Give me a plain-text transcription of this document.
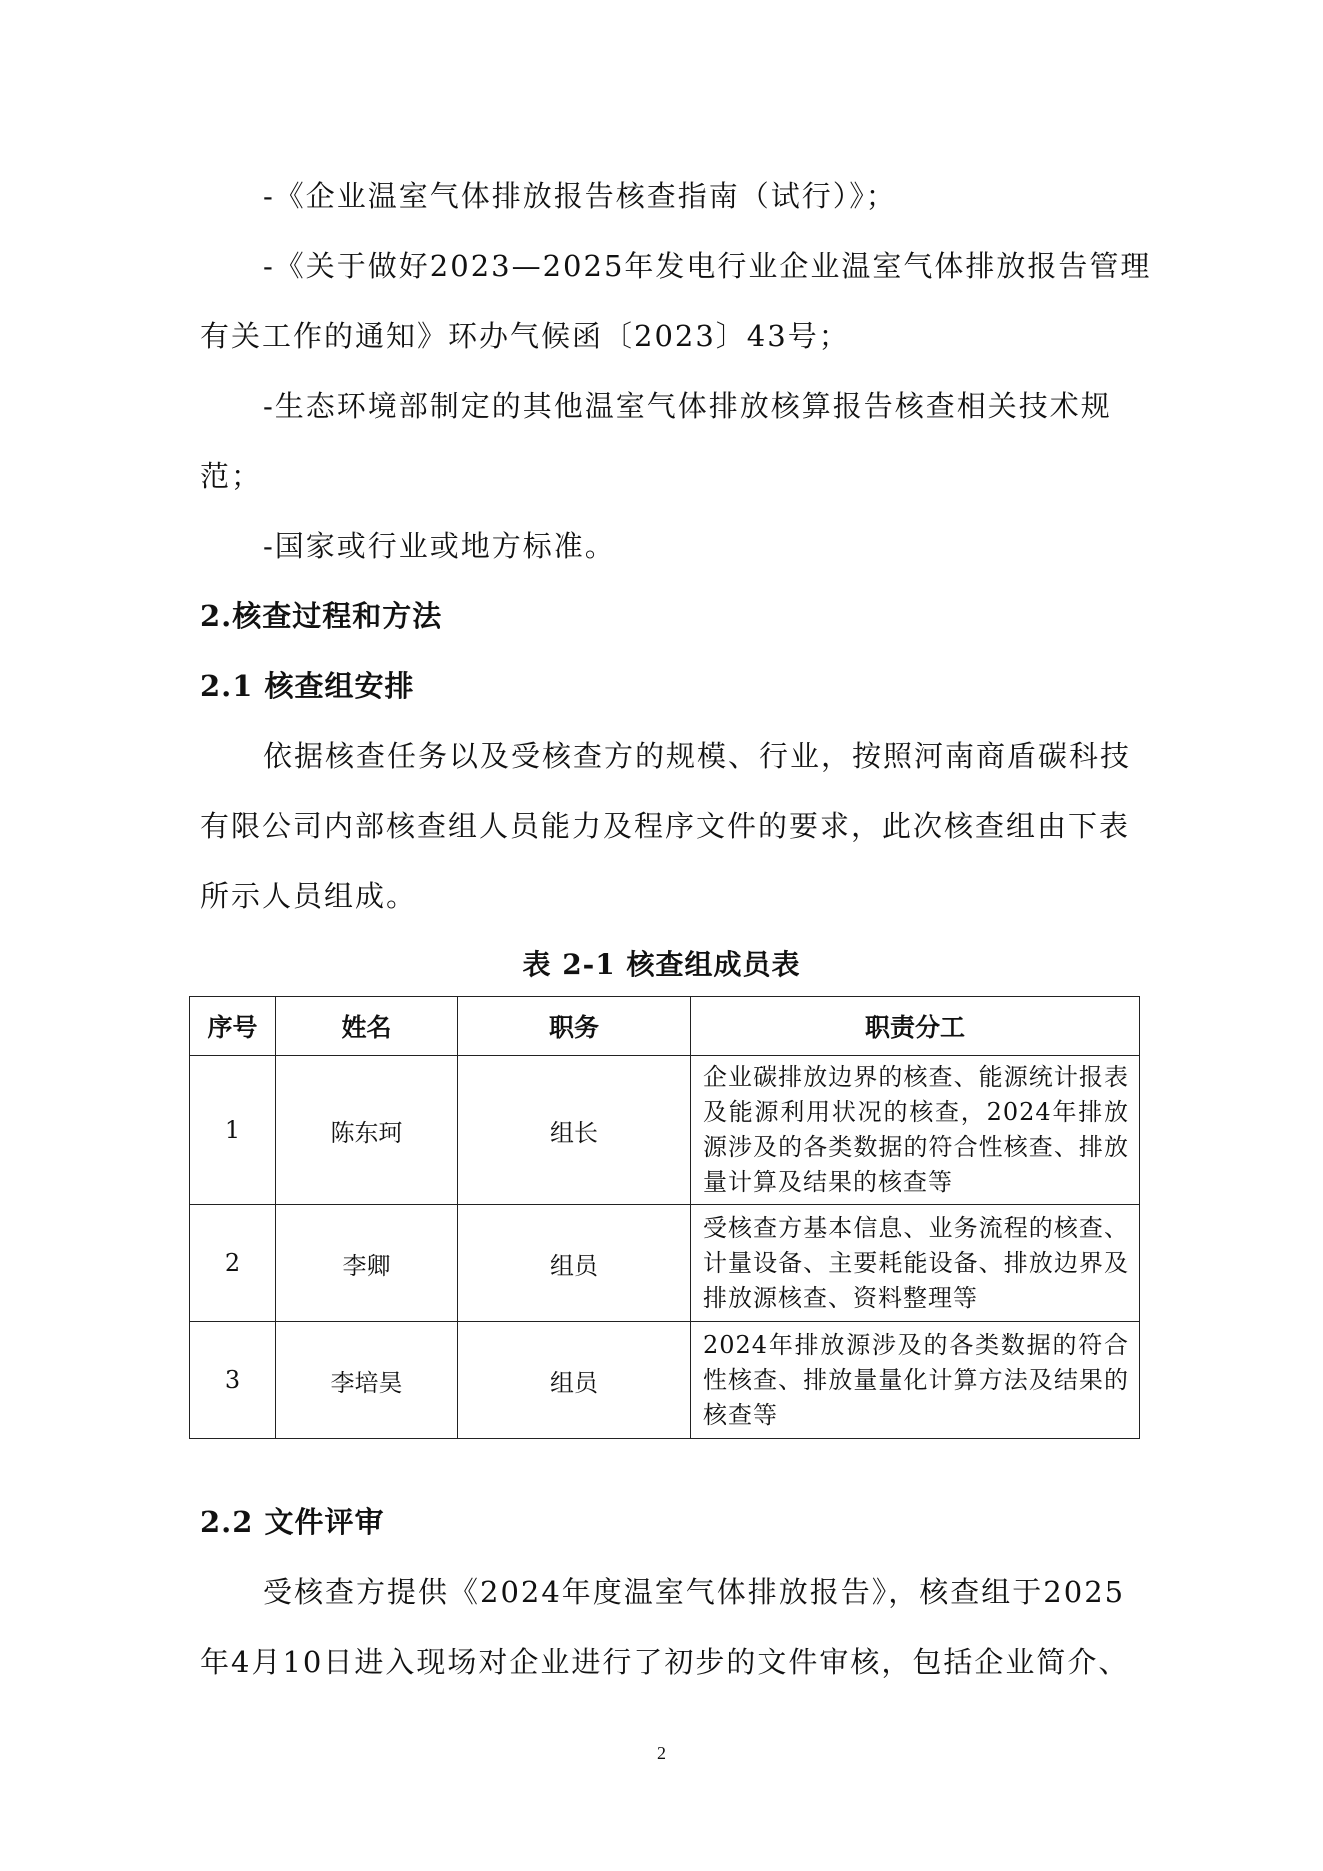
-《企业温室气体排放报告核查指南（试行）》；
-《关于做好2023—2025年发电行业企业温室气体排放报告管理
有关工作的通知》环办气候函〔2023〕43号；
-生态环境部制定的其他温室气体排放核算报告核查相关技术规
范；
-国家或行业或地方标准。
2.核查过程和方法
2.1 核查组安排
依据核查任务以及受核查方的规模、行业，按照河南商盾碳科技
有限公司内部核查组人员能力及程序文件的要求，此次核查组由下表
所示人员组成。
表 2-1 核查组成员表
序号	姓名	职务	职责分工
1	陈东珂	组长	企业碳排放边界的核查、能源统计报表及能源利用状况的核查，2024年排放源涉及的各类数据的符合性核查、排放量计算及结果的核查等
2	李卿	组员	受核查方基本信息、业务流程的核查、计量设备、主要耗能设备、排放边界及排放源核查、资料整理等
3	李培昊	组员	2024年排放源涉及的各类数据的符合性核查、排放量量化计算方法及结果的核查等
2.2 文件评审
受核查方提供《2024年度温室气体排放报告》，核查组于2025
年4月10日进入现场对企业进行了初步的文件审核，包括企业简介、
2
